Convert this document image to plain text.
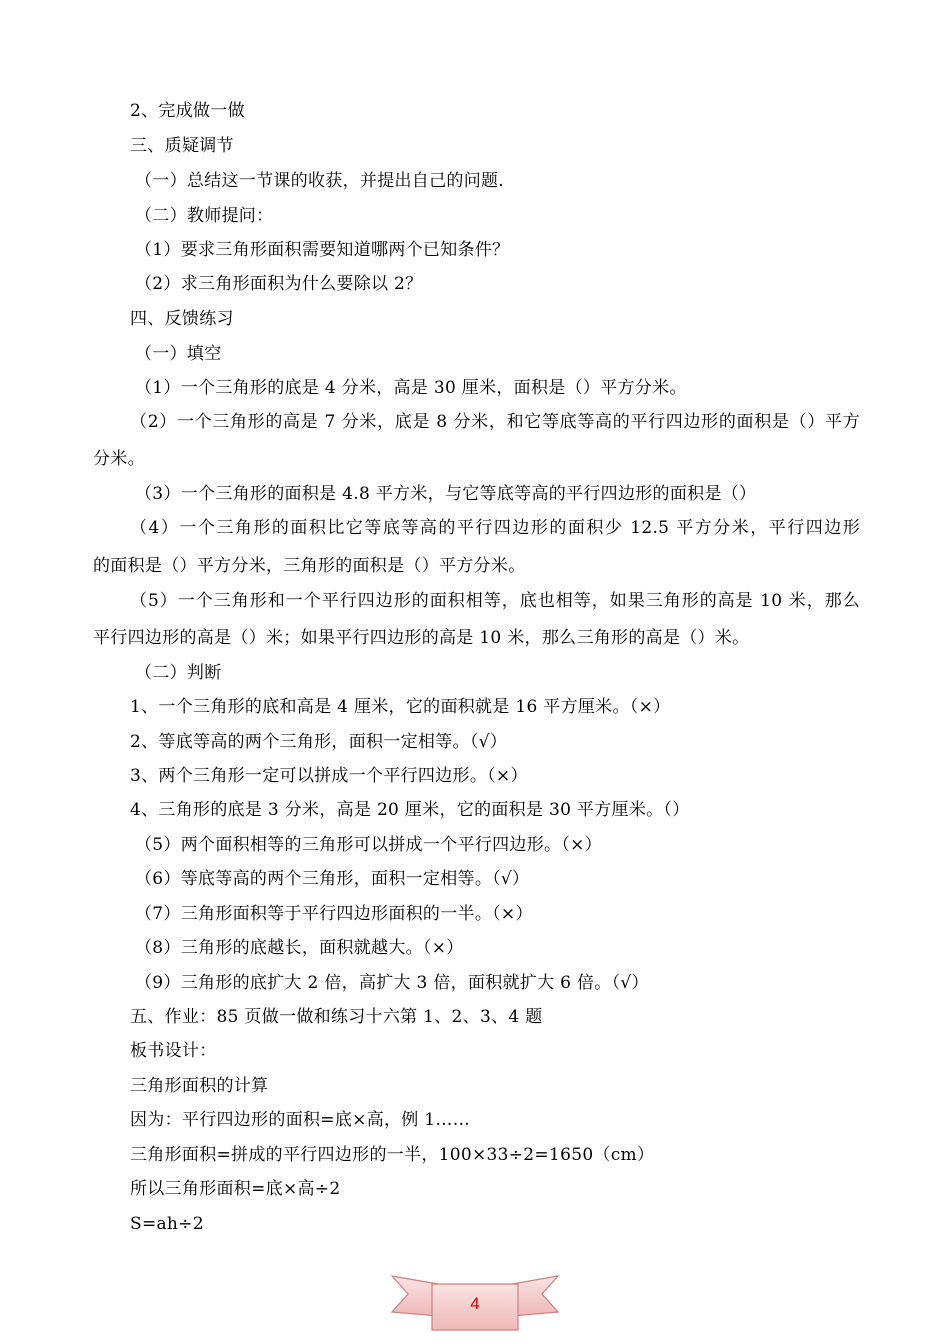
2、完成做一做
三、质疑调节
（一）总结这一节课的收获，并提出自己的问题.
（二）教师提问：
（1）要求三角形面积需要知道哪两个已知条件？
（2）求三角形面积为什么要除以 2？
四、反馈练习
（一）填空
（1）一个三角形的底是 4 分米，高是 30 厘米，面积是（）平方分米。
（2）一个三角形的高是 7 分米，底是 8 分米，和它等底等高的平行四边形的面积是（）平方
分米。
（3）一个三角形的面积是 4.8 平方米，与它等底等高的平行四边形的面积是（）
（4）一个三角形的面积比它等底等高的平行四边形的面积少 12.5 平方分米，平行四边形
的面积是（）平方分米，三角形的面积是（）平方分米。
（5）一个三角形和一个平行四边形的面积相等，底也相等，如果三角形的高是 10 米，那么
平行四边形的高是（）米；如果平行四边形的高是 10 米，那么三角形的高是（）米。
（二）判断
1、一个三角形的底和高是 4 厘米，它的面积就是 16 平方厘米。（×）
2、等底等高的两个三角形，面积一定相等。（√）
3、两个三角形一定可以拼成一个平行四边形。（×）
4、三角形的底是 3 分米，高是 20 厘米，它的面积是 30 平方厘米。（）
（5）两个面积相等的三角形可以拼成一个平行四边形。（×）
（6）等底等高的两个三角形，面积一定相等。（√）
（7）三角形面积等于平行四边形面积的一半。（×）
（8）三角形的底越长，面积就越大。（×）
（9）三角形的底扩大 2 倍，高扩大 3 倍，面积就扩大 6 倍。（√）
五、作业：85 页做一做和练习十六第 1、2、3、4 题
板书设计：
三角形面积的计算
因为：平行四边形的面积=底×高，例 1……
三角形面积=拼成的平行四边形的一半，100×33÷2=1650（cm）
所以三角形面积=底×高÷2
S=ah÷2
4
